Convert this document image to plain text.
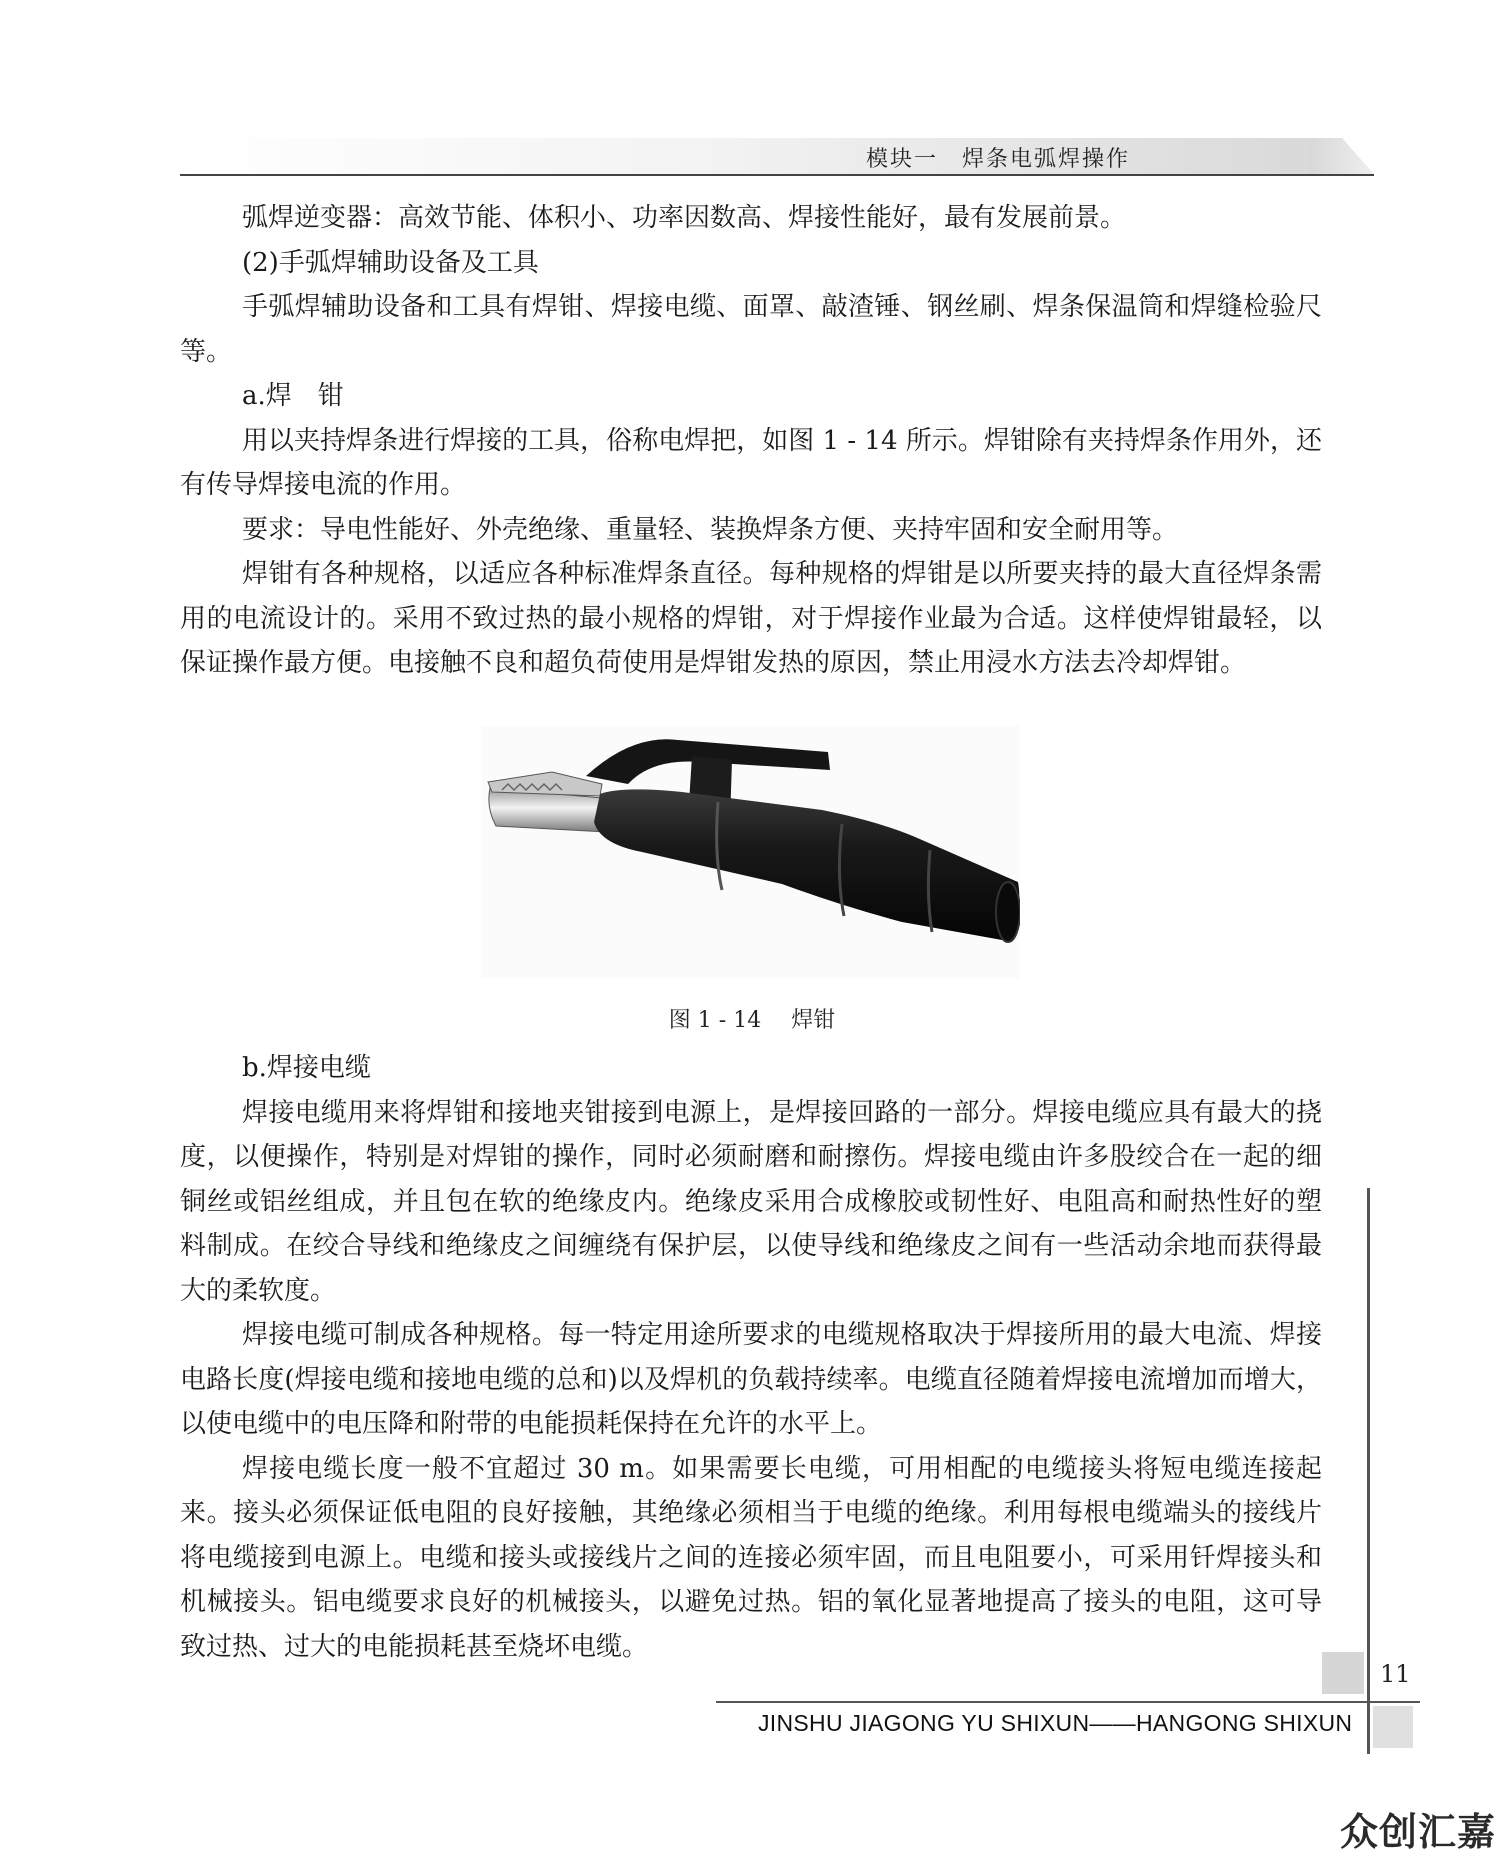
模块一　焊条电弧焊操作

弧焊逆变器：高效节能、体积小、功率因数高、焊接性能好，最有发展前景。

(2)手弧焊辅助设备及工具

手弧焊辅助设备和工具有焊钳、焊接电缆、面罩、敲渣锤、钢丝刷、焊条保温筒和焊缝检验尺等。

a.焊　钳

用以夹持焊条进行焊接的工具，俗称电焊把，如图 1 - 14 所示。焊钳除有夹持焊条作用外，还有传导焊接电流的作用。

要求：导电性能好、外壳绝缘、重量轻、装换焊条方便、夹持牢固和安全耐用等。

焊钳有各种规格，以适应各种标准焊条直径。每种规格的焊钳是以所要夹持的最大直径焊条需用的电流设计的。采用不致过热的最小规格的焊钳，对于焊接作业最为合适。这样使焊钳最轻，以保证操作最方便。电接触不良和超负荷使用是焊钳发热的原因，禁止用浸水方法去冷却焊钳。

图 1 - 14 焊钳

b.焊接电缆

焊接电缆用来将焊钳和接地夹钳接到电源上，是焊接回路的一部分。焊接电缆应具有最大的挠度，以便操作，特别是对焊钳的操作，同时必须耐磨和耐擦伤。焊接电缆由许多股绞合在一起的细铜丝或铝丝组成，并且包在软的绝缘皮内。绝缘皮采用合成橡胶或韧性好、电阻高和耐热性好的塑料制成。在绞合导线和绝缘皮之间缠绕有保护层，以使导线和绝缘皮之间有一些活动余地而获得最大的柔软度。

焊接电缆可制成各种规格。每一特定用途所要求的电缆规格取决于焊接所用的最大电流、焊接电路长度(焊接电缆和接地电缆的总和)以及焊机的负载持续率。电缆直径随着焊接电流增加而增大，以使电缆中的电压降和附带的电能损耗保持在允许的水平上。

焊接电缆长度一般不宜超过 30 m。如果需要长电缆，可用相配的电缆接头将短电缆连接起来。接头必须保证低电阻的良好接触，其绝缘必须相当于电缆的绝缘。利用每根电缆端头的接线片将电缆接到电源上。电缆和接头或接线片之间的连接必须牢固，而且电阻要小，可采用钎焊接头和机械接头。铝电缆要求良好的机械接头，以避免过热。铝的氧化显著地提高了接头的电阻，这可导致过热、过大的电能损耗甚至烧坏电缆。

11
JINSHU JIAGONG YU SHIXUN——HANGONG SHIXUN
众创汇嘉
